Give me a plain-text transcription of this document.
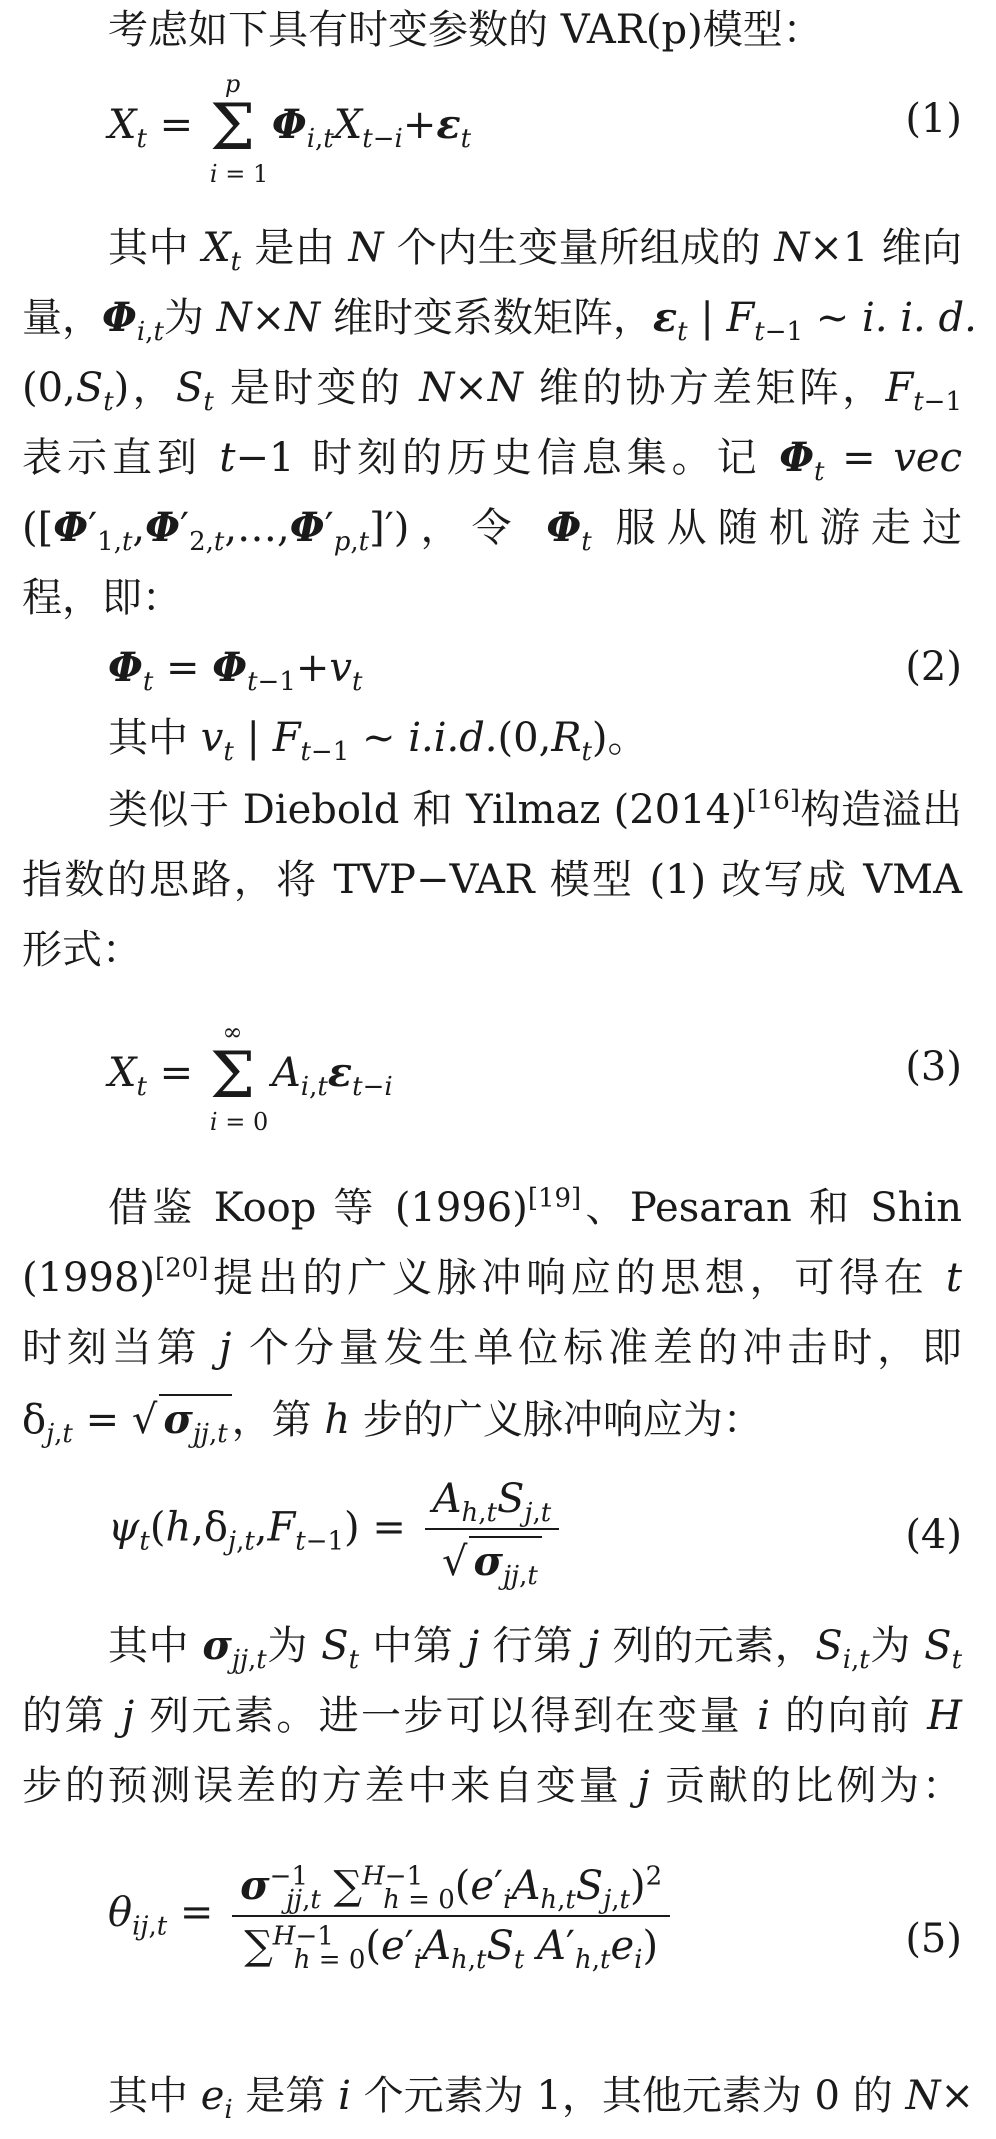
考虑如下具有时变参数的 VAR(p)模型：
$X_t$ =
p
Σ
i = 1
$\Phi_{i,t}X_{t-i}+\varepsilon_t$	(1)
其中 $X_t$ 是由 N 个内生变量所组成的 N×1 维向
量，$\Phi_{i,t}$为 N×N 维时变系数矩阵，$\varepsilon_t$ | $F_{t-1}$ ~ i. i. d.
$(0,S_t)$，$S_t$ 是时变的 N×N 维的协方差矩阵，$F_{t-1}$
表示直到 t−1 时刻的历史信息集。记 $\Phi_t$ = vec
$([\Phi'_{1,t},\Phi'_{2,t},\dots,\Phi'_{p,t}]')$，令 $\Phi_t$ 服从随机游走过
程，即：
$\Phi_t = \Phi_{t-1}+v_t$	(2)
其中 $v_t$ | $F_{t-1}$ ~ $i.i.d.(0,R_t)$。
类似于 Diebold 和 Yilmaz (2014)[16]构造溢出
指数的思路，将 TVP−VAR 模型 (1) 改写成 VMA
形式：
$X_t$ =
∞
Σ
i = 0
$A_{i,t}\varepsilon_{t-i}$	(3)
借鉴 Koop 等 (1996)[19]、Pesaran 和 Shin
(1998)[20]提出的广义脉冲响应的思想，可得在 t
时刻当第 j 个分量发生单位标准差的冲击时，即
$\delta_{j,t}$ = √ $\sigma_{jj,t}$ ，第 h 步的广义脉冲响应为：
$\psi_t(h,\delta_{j,t},F_{t-1}) = \frac{A_{h,t}S_{j,t}}{√ \sigma_{jj,t}}$	(4)
其中 $\sigma_{jj,t}$为 $S_t$ 中第 j 行第 j 列的元素，$S_{i,t}$为 $S_t$
的第 j 列元素。进一步可以得到在变量 i 的向前 H
步的预测误差的方差中来自变量 j 贡献的比例为：
$\theta_{ij,t} = \frac{\sigma^{-1}_{jj,t} \sum^{H-1}_{h = 0}(e'_iA_{h,t}S_{j,t})^2}{\sum^{H-1}_{h = 0}(e'_iA_{h,t}S_t A'_{h,t}e_i)}$	(5)
其中 $e_i$ 是第 i 个元素为 1，其他元素为 0 的 N×
